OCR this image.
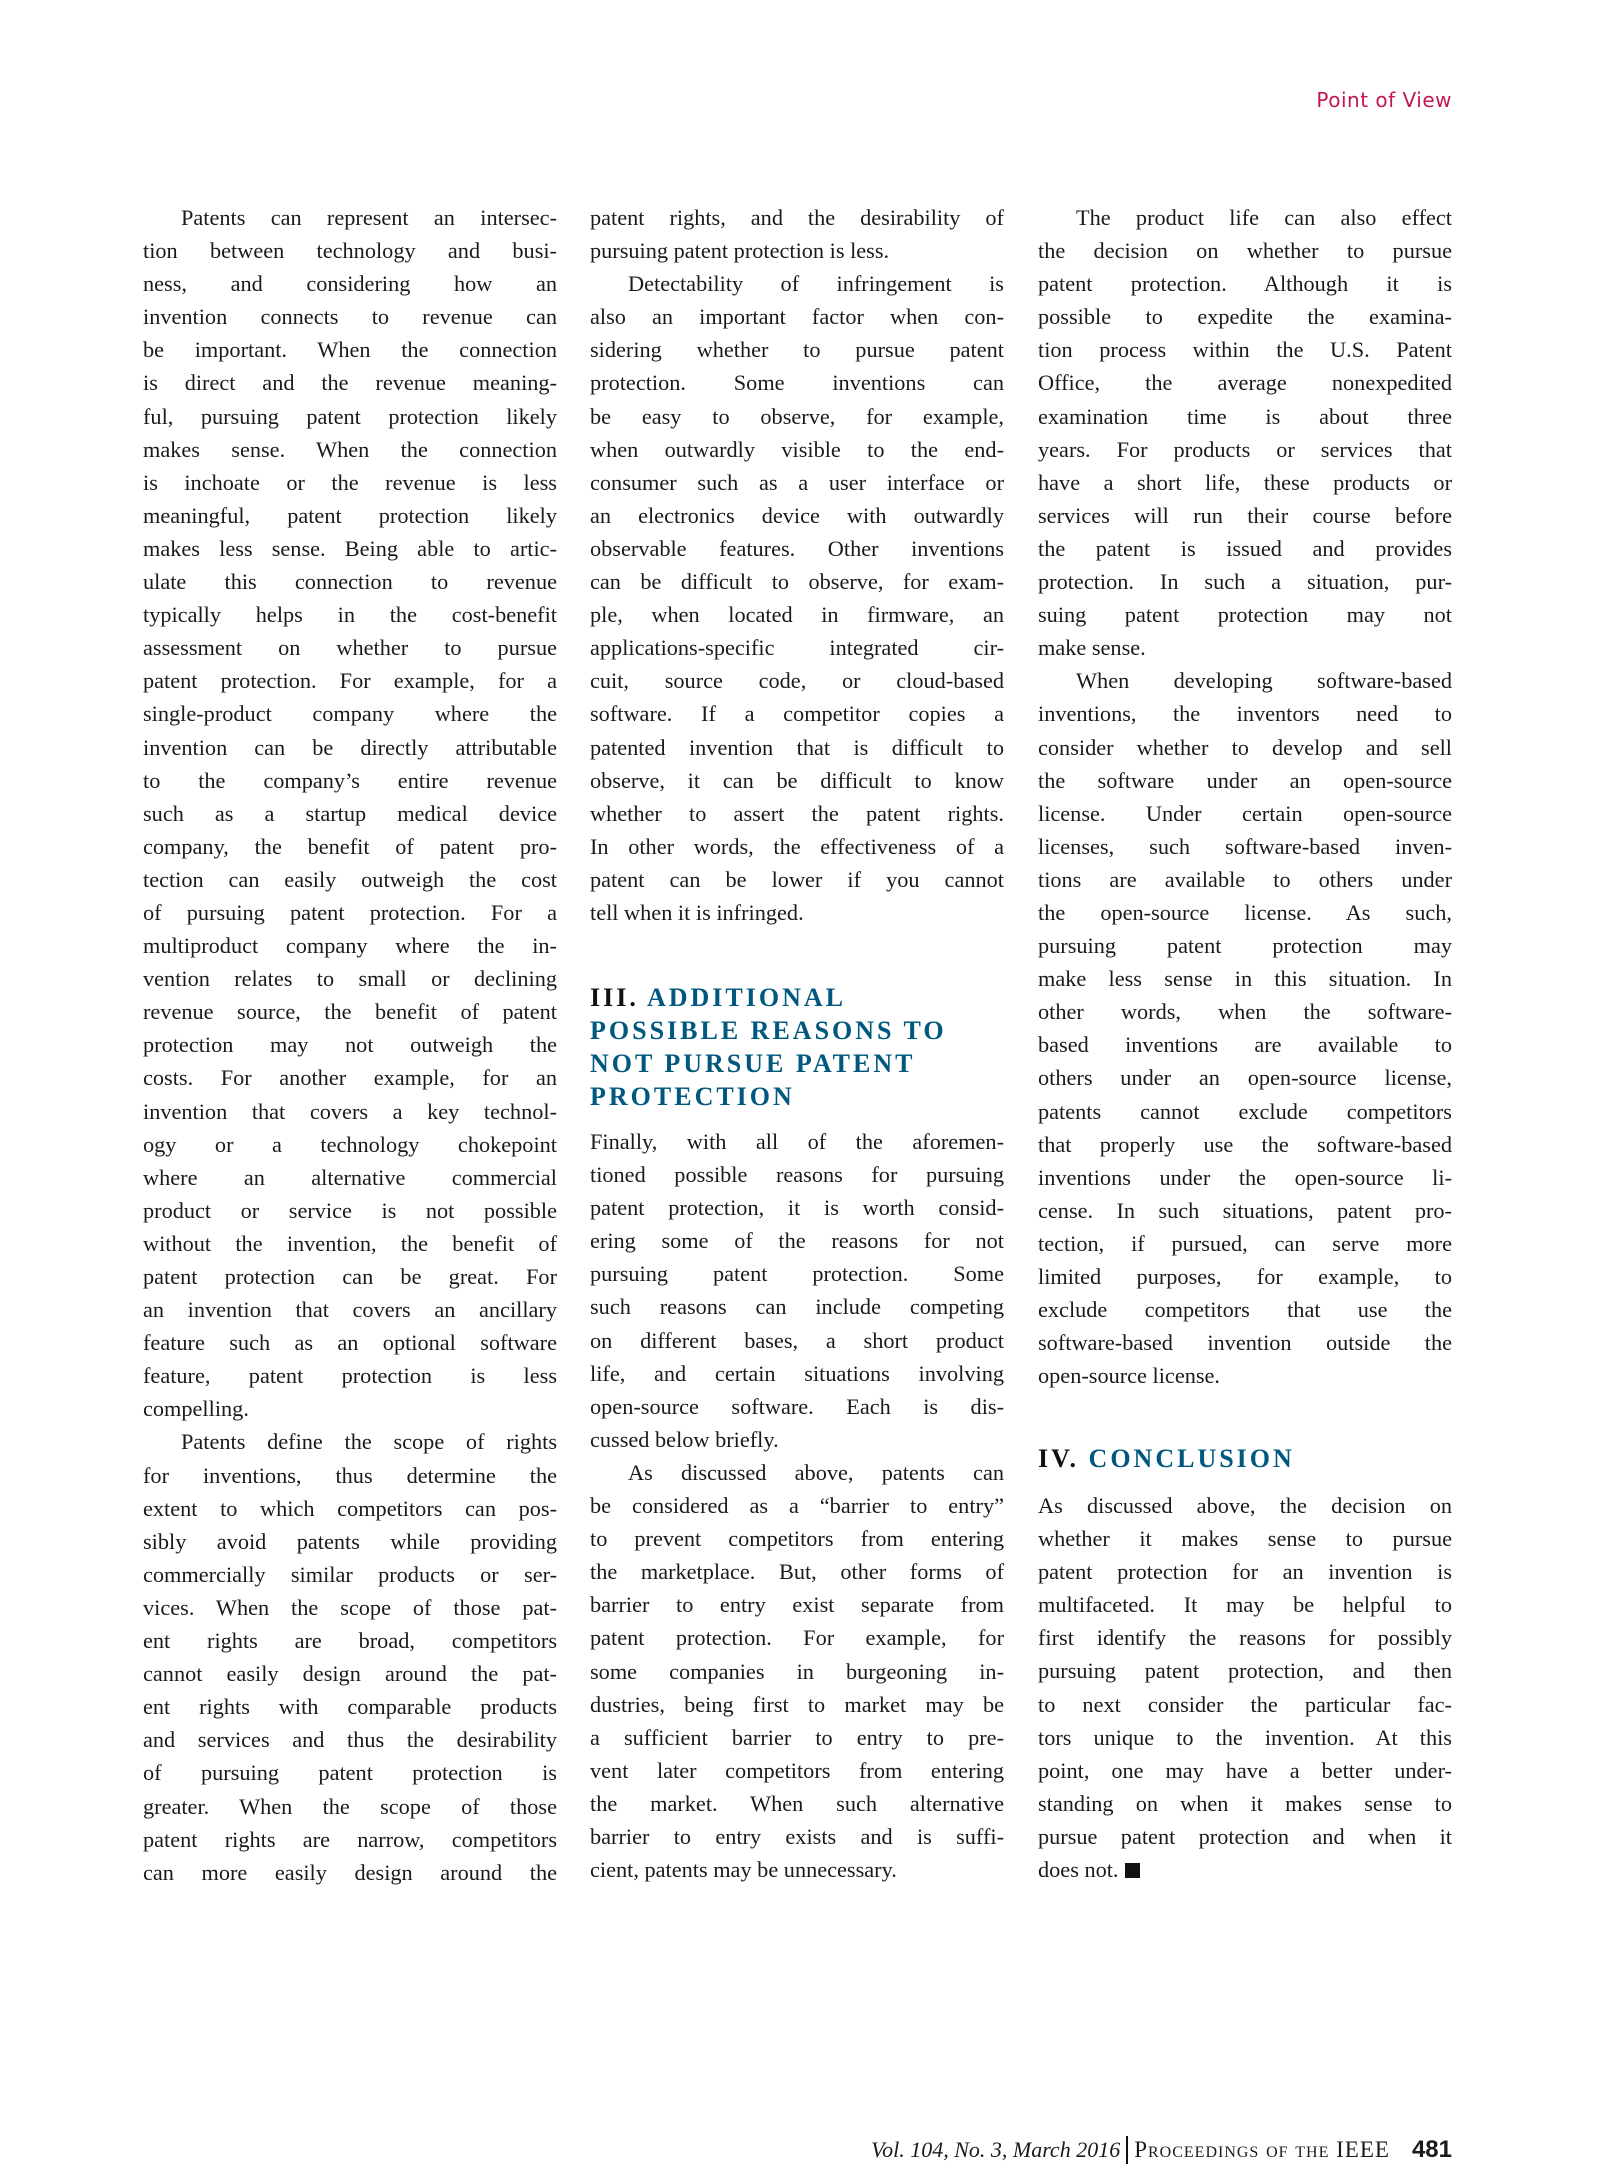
Point of View
Patents can represent an intersec-
tion between technology and busi-
ness, and considering how an
invention connects to revenue can
be important. When the connection
is direct and the revenue meaning-
ful, pursuing patent protection likely
makes sense. When the connection
is inchoate or the revenue is less
meaningful, patent protection likely
makes less sense. Being able to artic-
ulate this connection to revenue
typically helps in the cost-benefit
assessment on whether to pursue
patent protection. For example, for a
single-product company where the
invention can be directly attributable
to the company’s entire revenue
such as a startup medical device
company, the benefit of patent pro-
tection can easily outweigh the cost
of pursuing patent protection. For a
multiproduct company where the in-
vention relates to small or declining
revenue source, the benefit of patent
protection may not outweigh the
costs. For another example, for an
invention that covers a key technol-
ogy or a technology chokepoint
where an alternative commercial
product or service is not possible
without the invention, the benefit of
patent protection can be great. For
an invention that covers an ancillary
feature such as an optional software
feature, patent protection is less
compelling.
Patents define the scope of rights
for inventions, thus determine the
extent to which competitors can pos-
sibly avoid patents while providing
commercially similar products or ser-
vices. When the scope of those pat-
ent rights are broad, competitors
cannot easily design around the pat-
ent rights with comparable products
and services and thus the desirability
of pursuing patent protection is
greater. When the scope of those
patent rights are narrow, competitors
can more easily design around the
patent rights, and the desirability of
pursuing patent protection is less.
Detectability of infringement is
also an important factor when con-
sidering whether to pursue patent
protection. Some inventions can
be easy to observe, for example,
when outwardly visible to the end-
consumer such as a user interface or
an electronics device with outwardly
observable features. Other inventions
can be difficult to observe, for exam-
ple, when located in firmware, an
applications-specific integrated cir-
cuit, source code, or cloud-based
software. If a competitor copies a
patented invention that is difficult to
observe, it can be difficult to know
whether to assert the patent rights.
In other words, the effectiveness of a
patent can be lower if you cannot
tell when it is infringed.
III. ADDITIONAL
POSSIBLE REASONS TO
NOT PURSUE PATENT
PROTECTION
Finally, with all of the aforemen-
tioned possible reasons for pursuing
patent protection, it is worth consid-
ering some of the reasons for not
pursuing patent protection. Some
such reasons can include competing
on different bases, a short product
life, and certain situations involving
open-source software. Each is dis-
cussed below briefly.
As discussed above, patents can
be considered as a “barrier to entry”
to prevent competitors from entering
the marketplace. But, other forms of
barrier to entry exist separate from
patent protection. For example, for
some companies in burgeoning in-
dustries, being first to market may be
a sufficient barrier to entry to pre-
vent later competitors from entering
the market. When such alternative
barrier to entry exists and is suffi-
cient, patents may be unnecessary.
The product life can also effect
the decision on whether to pursue
patent protection. Although it is
possible to expedite the examina-
tion process within the U.S. Patent
Office, the average nonexpedited
examination time is about three
years. For products or services that
have a short life, these products or
services will run their course before
the patent is issued and provides
protection. In such a situation, pur-
suing patent protection may not
make sense.
When developing software-based
inventions, the inventors need to
consider whether to develop and sell
the software under an open-source
license. Under certain open-source
licenses, such software-based inven-
tions are available to others under
the open-source license. As such,
pursuing patent protection may
make less sense in this situation. In
other words, when the software-
based inventions are available to
others under an open-source license,
patents cannot exclude competitors
that properly use the software-based
inventions under the open-source li-
cense. In such situations, patent pro-
tection, if pursued, can serve more
limited purposes, for example, to
exclude competitors that use the
software-based invention outside the
open-source license.
IV. CONCLUSION
As discussed above, the decision on
whether it makes sense to pursue
patent protection for an invention is
multifaceted. It may be helpful to
first identify the reasons for possibly
pursuing patent protection, and then
to next consider the particular fac-
tors unique to the invention. At this
point, one may have a better under-
standing on when it makes sense to
pursue patent protection and when it
does not.
Vol. 104, No. 3, March 2016 Proceedings of the IEEE 481
